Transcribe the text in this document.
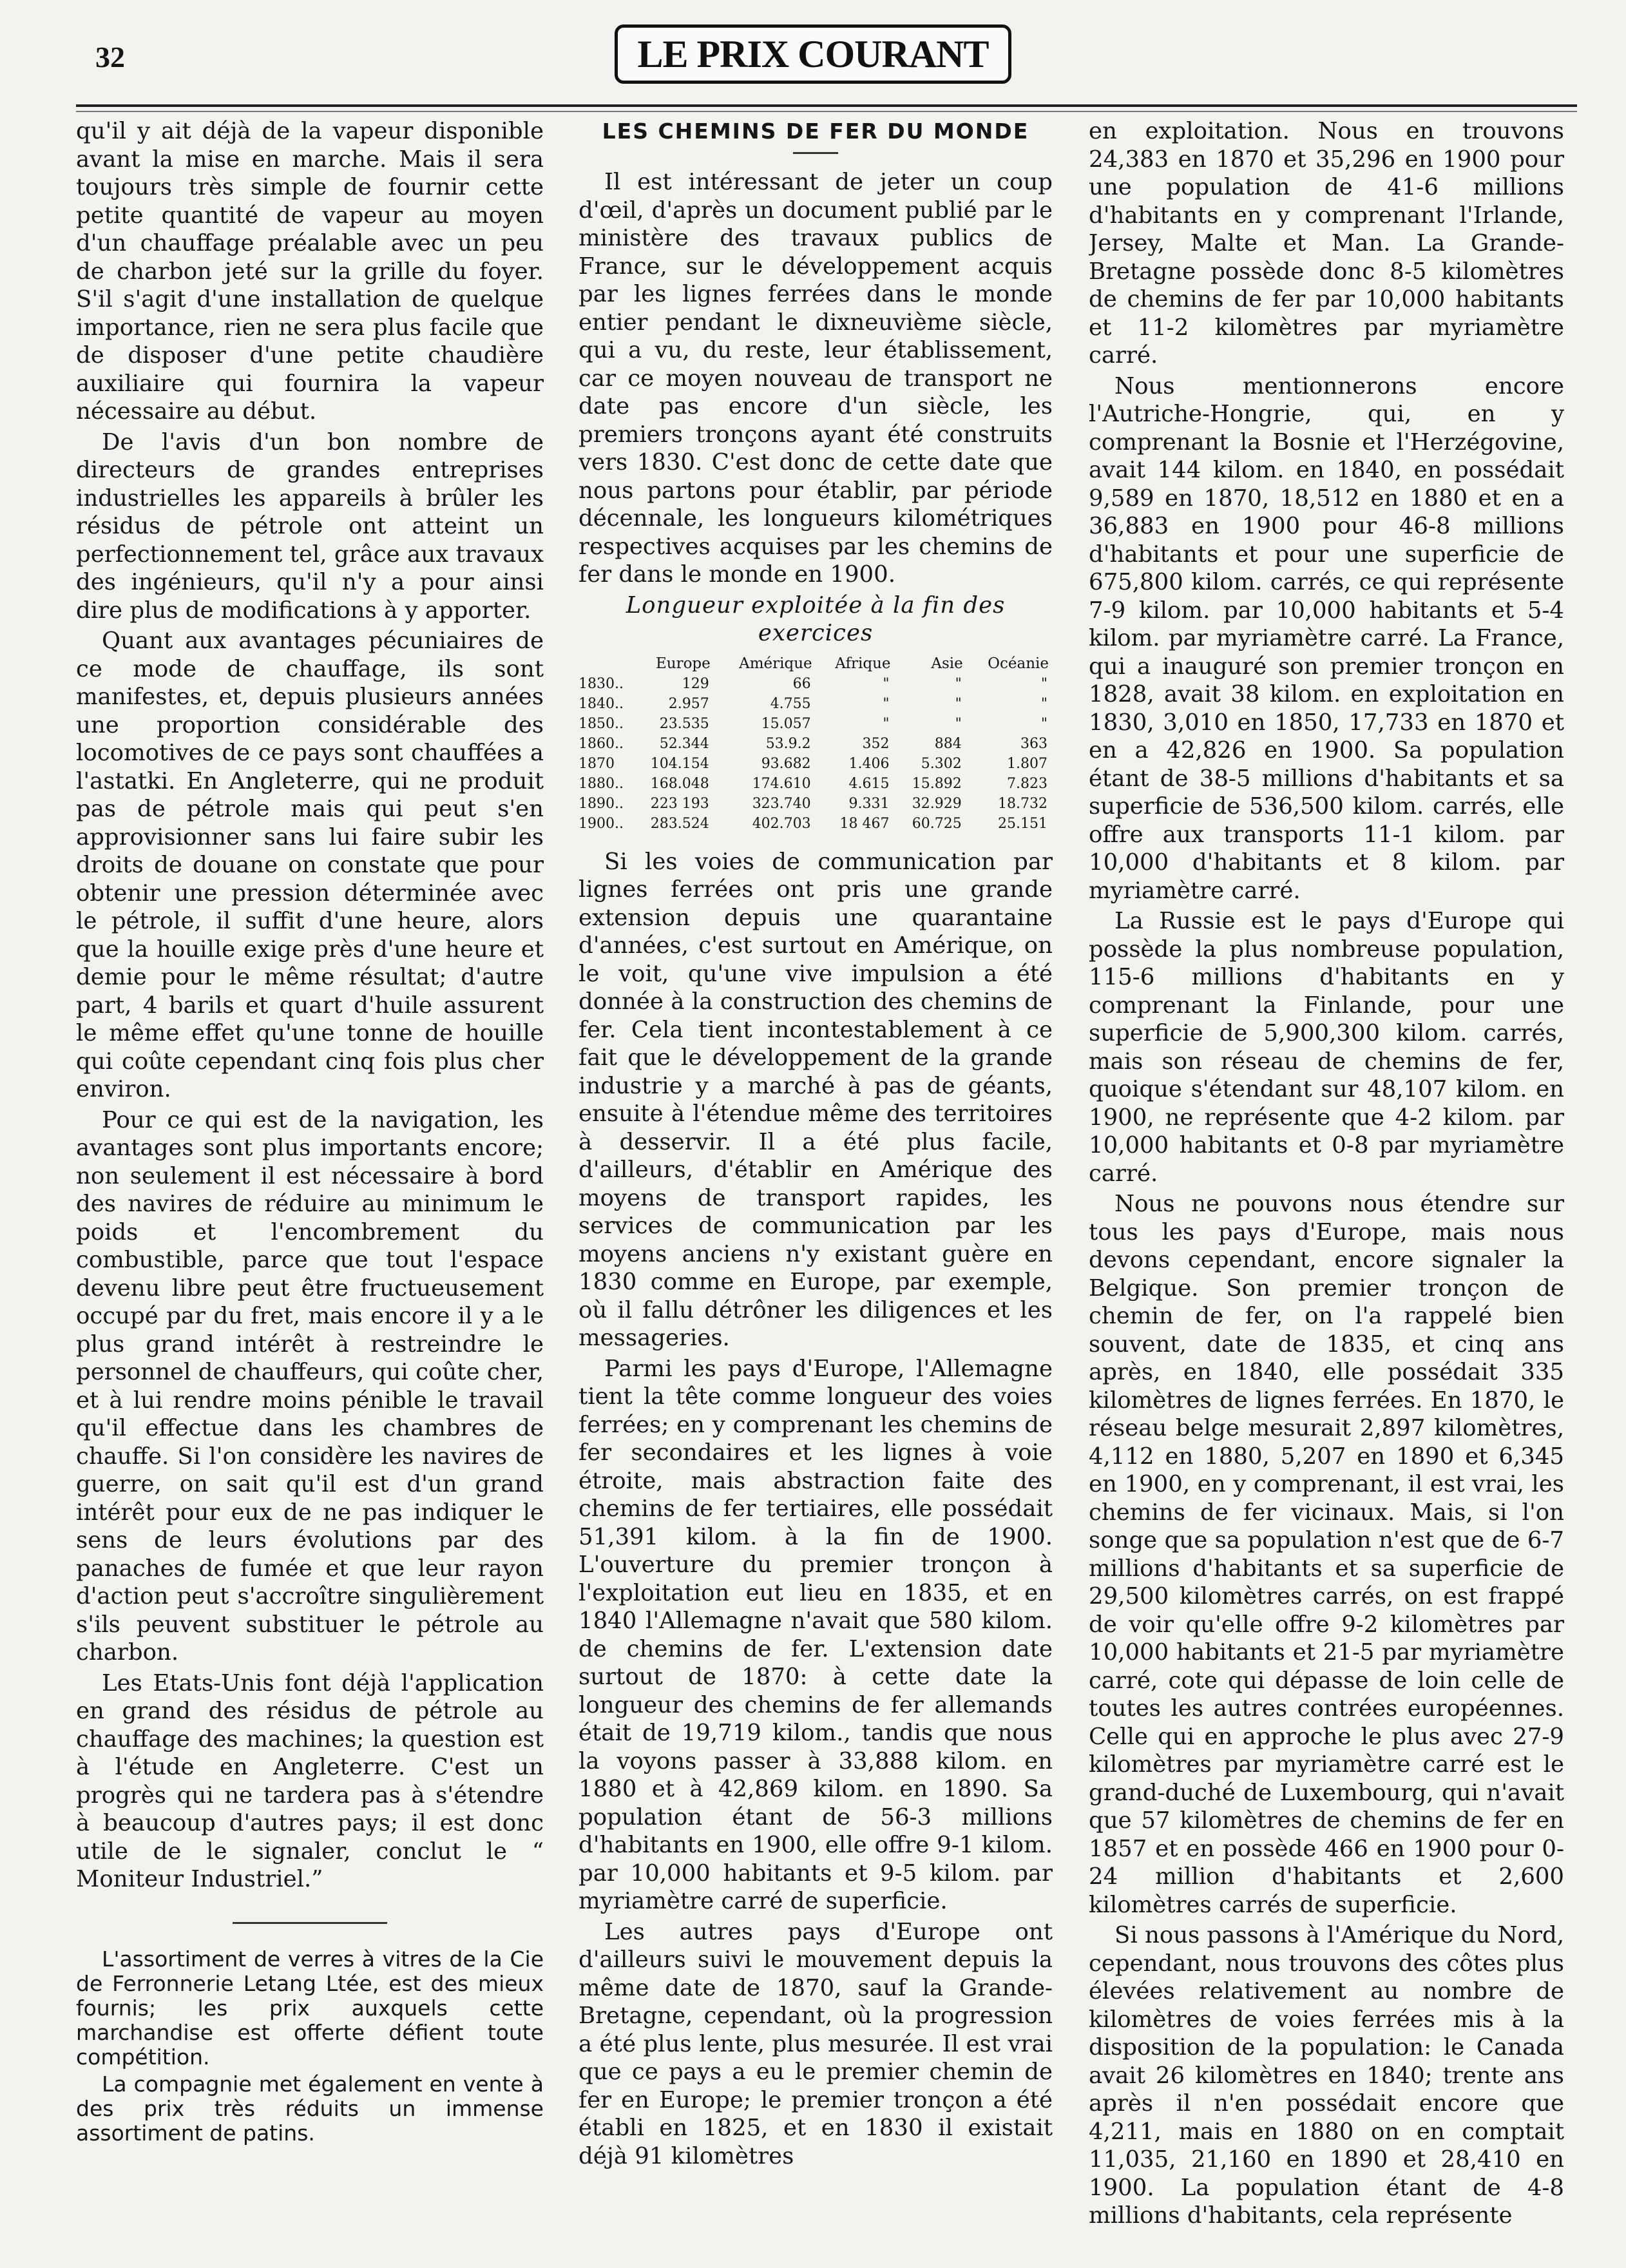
32	LE PRIX COURANT

qu'il y ait déjà de la vapeur disponible avant la mise en marche. Mais il sera toujours très simple de fournir cette petite quantité de vapeur au moyen d'un chauffage préalable avec un peu de charbon jeté sur la grille du foyer. S'il s'agit d'une installation de quelque importance, rien ne sera plus facile que de disposer d'une petite chaudière auxiliaire qui fournira la vapeur nécessaire au début.

De l'avis d'un bon nombre de directeurs de grandes entreprises industrielles les appareils à brûler les résidus de pétrole ont atteint un perfectionnement tel, grâce aux travaux des ingénieurs, qu'il n'y a pour ainsi dire plus de modifications à y apporter.

Quant aux avantages pécuniaires de ce mode de chauffage, ils sont manifestes, et, depuis plusieurs années une proportion considérable des locomotives de ce pays sont chauffées a l'astatki. En Angleterre, qui ne produit pas de pétrole mais qui peut s'en approvisionner sans lui faire subir les droits de douane on constate que pour obtenir une pression déterminée avec le pétrole, il suffit d'une heure, alors que la houille exige près d'une heure et demie pour le même résultat; d'autre part, 4 barils et quart d'huile assurent le même effet qu'une tonne de houille qui coûte cependant cinq fois plus cher environ.

Pour ce qui est de la navigation, les avantages sont plus importants encore; non seulement il est nécessaire à bord des navires de réduire au minimum le poids et l'encombrement du combustible, parce que tout l'espace devenu libre peut être fructueusement occupé par du fret, mais encore il y a le plus grand intérêt à restreindre le personnel de chauffeurs, qui coûte cher, et à lui rendre moins pénible le travail qu'il effectue dans les chambres de chauffe. Si l'on considère les navires de guerre, on sait qu'il est d'un grand intérêt pour eux de ne pas indiquer le sens de leurs évolutions par des panaches de fumée et que leur rayon d'action peut s'accroître singulièrement s'ils peuvent substituer le pétrole au charbon.

Les Etats-Unis font déjà l'application en grand des résidus de pétrole au chauffage des machines; la question est à l'étude en Angleterre. C'est un progrès qui ne tardera pas à s'étendre à beaucoup d'autres pays; il est donc utile de le signaler, conclut le “ Moniteur Industriel.”

L'assortiment de verres à vitres de la Cie de Ferronnerie Letang Ltée, est des mieux fournis; les prix auxquels cette marchandise est offerte défient toute compétition.

La compagnie met également en vente à des prix très réduits un immense assortiment de patins.

LES CHEMINS DE FER DU MONDE

Il est intéressant de jeter un coup d'œil, d'après un document publié par le ministère des travaux publics de France, sur le développement acquis par les lignes ferrées dans le monde entier pendant le dixneuvième siècle, qui a vu, du reste, leur établissement, car ce moyen nouveau de transport ne date pas encore d'un siècle, les premiers tronçons ayant été construits vers 1830. C'est donc de cette date que nous partons pour établir, par période décennale, les longueurs kilométriques respectives acquises par les chemins de fer dans le monde en 1900.

Longueur exploitée à la fin des exercices
	Europe	Amérique	Afrique	Asie	Océanie
1830..	129	66	"	"	"
1840..	2.957	4.755	"	"	"
1850..	23.535	15.057	"	"	"
1860..	52.344	53.9.2	352	884	363
1870	104.154	93.682	1.406	5.302	1.807
1880..	168.048	174.610	4.615	15.892	7.823
1890..	223 193	323.740	9.331	32.929	18.732
1900..	283.524	402.703	18 467	60.725	25.151

Si les voies de communication par lignes ferrées ont pris une grande extension depuis une quarantaine d'années, c'est surtout en Amérique, on le voit, qu'une vive impulsion a été donnée à la construction des chemins de fer. Cela tient incontestablement à ce fait que le développement de la grande industrie y a marché à pas de géants, ensuite à l'étendue même des territoires à desservir. Il a été plus facile, d'ailleurs, d'établir en Amérique des moyens de transport rapides, les services de communication par les moyens anciens n'y existant guère en 1830 comme en Europe, par exemple, où il fallu détrôner les diligences et les messageries.

Parmi les pays d'Europe, l'Allemagne tient la tête comme longueur des voies ferrées; en y comprenant les chemins de fer secondaires et les lignes à voie étroite, mais abstraction faite des chemins de fer tertiaires, elle possédait 51,391 kilom. à la fin de 1900. L'ouverture du premier tronçon à l'exploitation eut lieu en 1835, et en 1840 l'Allemagne n'avait que 580 kilom. de chemins de fer. L'extension date surtout de 1870: à cette date la longueur des chemins de fer allemands était de 19,719 kilom., tandis que nous la voyons passer à 33,888 kilom. en 1880 et à 42,869 kilom. en 1890. Sa population étant de 56-3 millions d'habitants en 1900, elle offre 9-1 kilom. par 10,000 habitants et 9-5 kilom. par myriamètre carré de superficie.

Les autres pays d'Europe ont d'ailleurs suivi le mouvement depuis la même date de 1870, sauf la Grande-Bretagne, cependant, où la progression a été plus lente, plus mesurée. Il est vrai que ce pays a eu le premier chemin de fer en Europe; le premier tronçon a été établi en 1825, et en 1830 il existait déjà 91 kilomètres

en exploitation. Nous en trouvons 24,383 en 1870 et 35,296 en 1900 pour une population de 41-6 millions d'habitants en y comprenant l'Irlande, Jersey, Malte et Man. La Grande-Bretagne possède donc 8-5 kilomètres de chemins de fer par 10,000 habitants et 11-2 kilomètres par myriamètre carré.

Nous mentionnerons encore l'Autriche-Hongrie, qui, en y comprenant la Bosnie et l'Herzégovine, avait 144 kilom. en 1840, en possédait 9,589 en 1870, 18,512 en 1880 et en a 36,883 en 1900 pour 46-8 millions d'habitants et pour une superficie de 675,800 kilom. carrés, ce qui représente 7-9 kilom. par 10,000 habitants et 5-4 kilom. par myriamètre carré. La France, qui a inauguré son premier tronçon en 1828, avait 38 kilom. en exploitation en 1830, 3,010 en 1850, 17,733 en 1870 et en a 42,826 en 1900. Sa population étant de 38-5 millions d'habitants et sa superficie de 536,500 kilom. carrés, elle offre aux transports 11-1 kilom. par 10,000 d'habitants et 8 kilom. par myriamètre carré.

La Russie est le pays d'Europe qui possède la plus nombreuse population, 115-6 millions d'habitants en y comprenant la Finlande, pour une superficie de 5,900,300 kilom. carrés, mais son réseau de chemins de fer, quoique s'étendant sur 48,107 kilom. en 1900, ne représente que 4-2 kilom. par 10,000 habitants et 0-8 par myriamètre carré.

Nous ne pouvons nous étendre sur tous les pays d'Europe, mais nous devons cependant, encore signaler la Belgique. Son premier tronçon de chemin de fer, on l'a rappelé bien souvent, date de 1835, et cinq ans après, en 1840, elle possédait 335 kilomètres de lignes ferrées. En 1870, le réseau belge mesurait 2,897 kilomètres, 4,112 en 1880, 5,207 en 1890 et 6,345 en 1900, en y comprenant, il est vrai, les chemins de fer vicinaux. Mais, si l'on songe que sa population n'est que de 6-7 millions d'habitants et sa superficie de 29,500 kilomètres carrés, on est frappé de voir qu'elle offre 9-2 kilomètres par 10,000 habitants et 21-5 par myriamètre carré, cote qui dépasse de loin celle de toutes les autres contrées européennes. Celle qui en approche le plus avec 27-9 kilomètres par myriamètre carré est le grand-duché de Luxembourg, qui n'avait que 57 kilomètres de chemins de fer en 1857 et en possède 466 en 1900 pour 0-24 million d'habitants et 2,600 kilomètres carrés de superficie.

Si nous passons à l'Amérique du Nord, cependant, nous trouvons des côtes plus élevées relativement au nombre de kilomètres de voies ferrées mis à la disposition de la population: le Canada avait 26 kilomètres en 1840; trente ans après il n'en possédait encore que 4,211, mais en 1880 on en comptait 11,035, 21,160 en 1890 et 28,410 en 1900. La population étant de 4-8 millions d'habitants, cela représente
